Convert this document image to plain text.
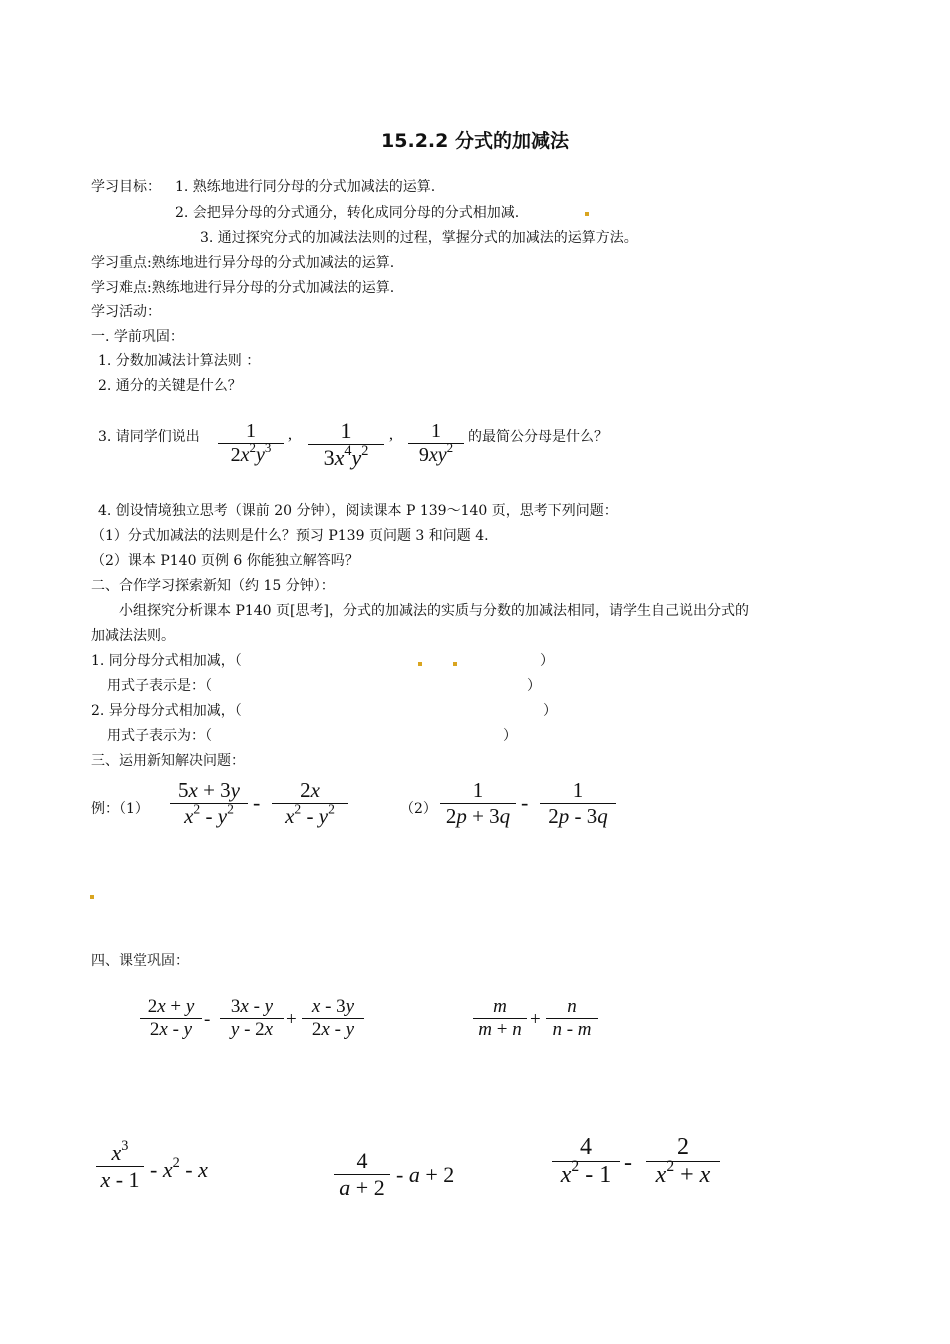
15.2.2 分式的加减法
学习目标： 1. 熟练地进行同分母的分式加减法的运算.
2. 会把异分母的分式通分，转化成同分母的分式相加减.
3. 通过探究分式的加减法法则的过程，掌握分式的加减法的运算方法。
学习重点:熟练地进行异分母的分式加减法的运算.
学习难点:熟练地进行异分母的分式加减法的运算.
学习活动：
一. 学前巩固：
1. 分数加减法计算法则 ：
2. 通分的关键是什么？
3. 请同学们说出	1
$2x^2y^3$
,	1
$3x^4y^2$
,	1
$9xy^2$
的最简公分母是什么？
4. 创设情境独立思考（课前 20 分钟），阅读课本 P 139～140 页，思考下列问题：
（1）分式加减法的法则是什么？预习 P139 页问题 3 和问题 4.
（2）课本 P140 页例 6 你能独立解答吗？
二、合作学习探索新知（约 15 分钟）：
小组探究分析课本 P140 页[思考]，分式的加减法的实质与分数的加减法相同，请学生自己说出分式的
加减法法则。
1. 同分母分式相加减，（	）
用式子表示是：（	）
2. 异分母分式相加减，（	）
用式子表示为：（	）
三、运用新知解决问题：
例：（1）
5x + 3y
$x^2 - y^2$ -	2x
$x^2 - y^2$	（2）
1
2p + 3q
-	1
2p - 3q
四、课堂巩固：
2x + y
2x - y -
3x - y
y - 2x +
x - 3y
2x - y
m
m + n +
n
n - m
$x^3$
x - $1 - x^2$ - x	4
a + 2
- a + 2
4
$x^2 - 1$ -
2
$x^2 + x$
